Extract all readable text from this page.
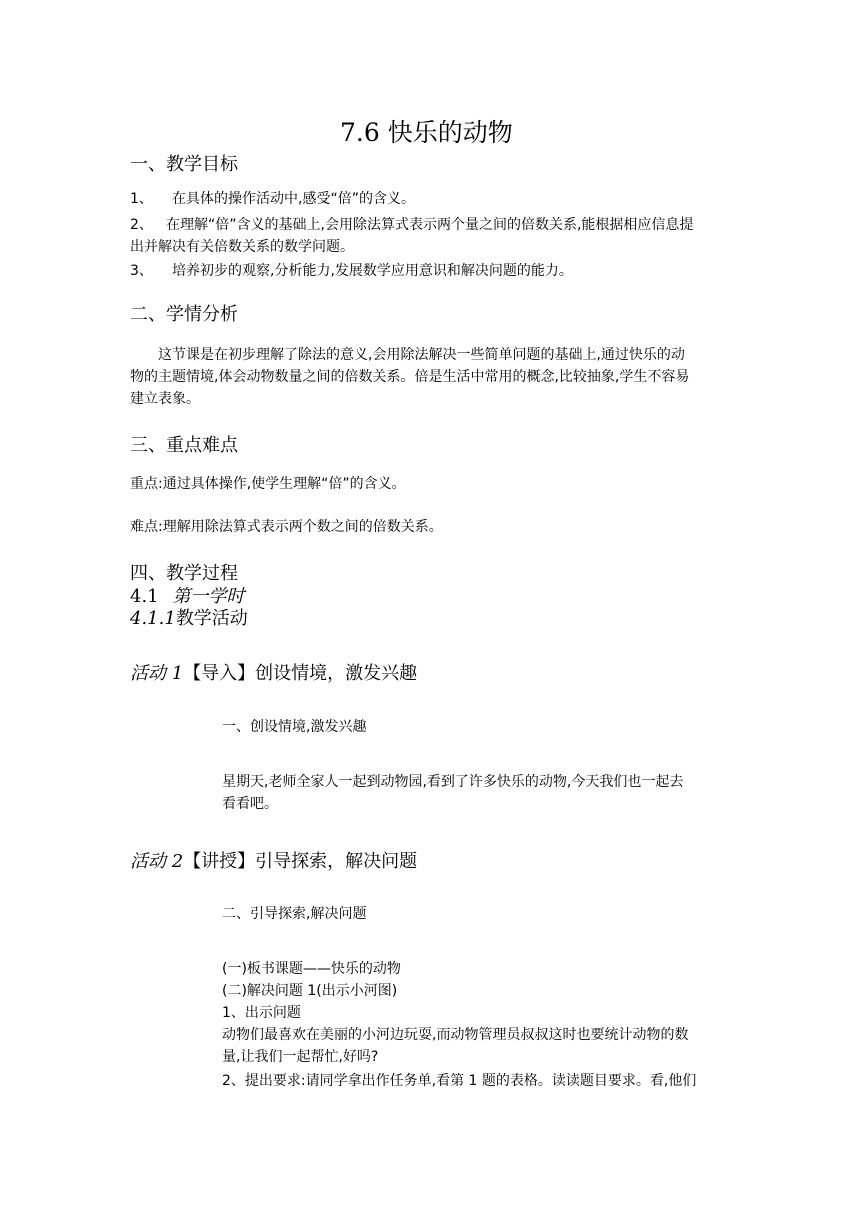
7.6 快乐的动物
一、教学目标
1、 在具体的操作活动中,感受“倍”的含义。
2、 在理解“倍”含义的基础上,会用除法算式表示两个量之间的倍数关系,能根据相应信息提
出并解决有关倍数关系的数学问题。
3、 培养初步的观察,分析能力,发展数学应用意识和解决问题的能力。
二、学情分析
这节课是在初步理解了除法的意义,会用除法解决一些简单问题的基础上,通过快乐的动
物的主题情境,体会动物数量之间的倍数关系。倍是生活中常用的概念,比较抽象,学生不容易
建立表象。
三、重点难点
重点:通过具体操作,使学生理解“倍”的含义。
难点:理解用除法算式表示两个数之间的倍数关系。
四、教学过程
4.1 第一学时
4.1.1教学活动
活动 1【导入】创设情境，激发兴趣
一、创设情境,激发兴趣
星期天,老师全家人一起到动物园,看到了许多快乐的动物,今天我们也一起去
看看吧。
活动 2【讲授】引导探索，解决问题
二、引导探索,解决问题
(一)板书课题——快乐的动物
(二)解决问题 1(出示小河图)
1、出示问题
动物们最喜欢在美丽的小河边玩耍,而动物管理员叔叔这时也要统计动物的数
量,让我们一起帮忙,好吗?
2、提出要求:请同学拿出作任务单,看第 1 题的表格。读读题目要求。看,他们
